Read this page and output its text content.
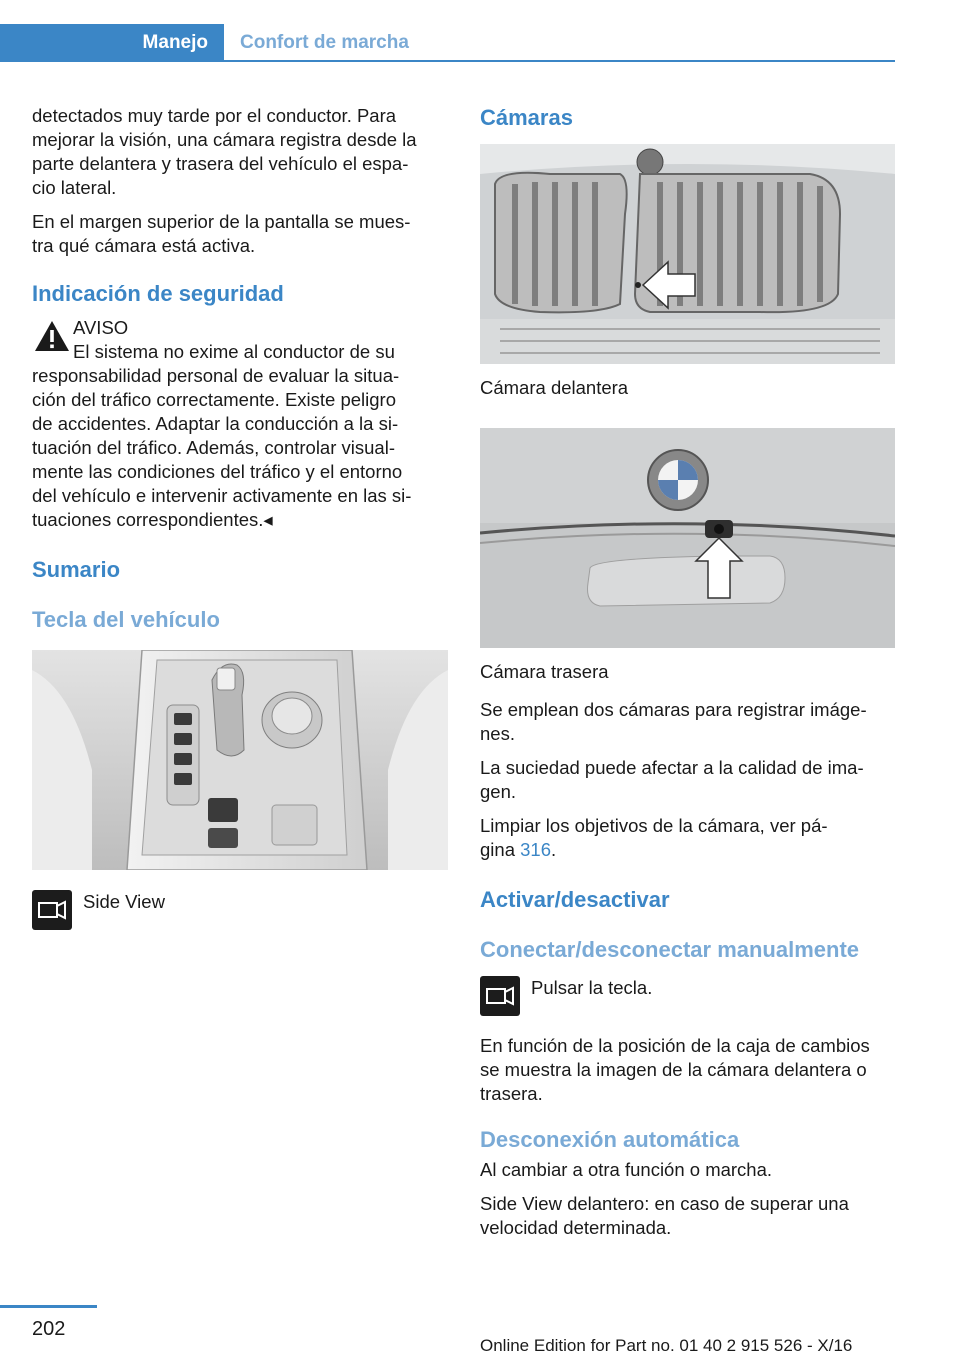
Manejo	Confort de marcha

detectados muy tarde por el conductor. Para
mejorar la visión, una cámara registra desde la
parte delantera y trasera del vehículo el espa-
cio lateral.

En el margen superior de la pantalla se mues-
tra qué cámara está activa.

Indicación de seguridad

AVISO

El sistema no exime al conductor de su

responsabilidad personal de evaluar la situa-
ción del tráfico correctamente. Existe peligro
de accidentes. Adaptar la conducción a la si-
tuación del tráfico. Además, controlar visual-
mente las condiciones del tráfico y el entorno
del vehículo e intervenir activamente en las si-
tuaciones correspondientes.◂

Sumario
Tecla del vehículo
Side View
Cámaras

Cámara delantera

Cámara trasera

Se emplean dos cámaras para registrar imáge-
nes.

La suciedad puede afectar a la calidad de ima-
gen.

Limpiar los objetivos de la cámara, ver pá-
gina 316.

Activar/desactivar
Conectar/desconectar manualmente
Pulsar la tecla.

En función de la posición de la caja de cambios
se muestra la imagen de la cámara delantera o
trasera.

Desconexión automática

Al cambiar a otra función o marcha.

Side View delantero: en caso de superar una
velocidad determinada.

202
Online Edition for Part no. 01 40 2 915 526 - X/16
